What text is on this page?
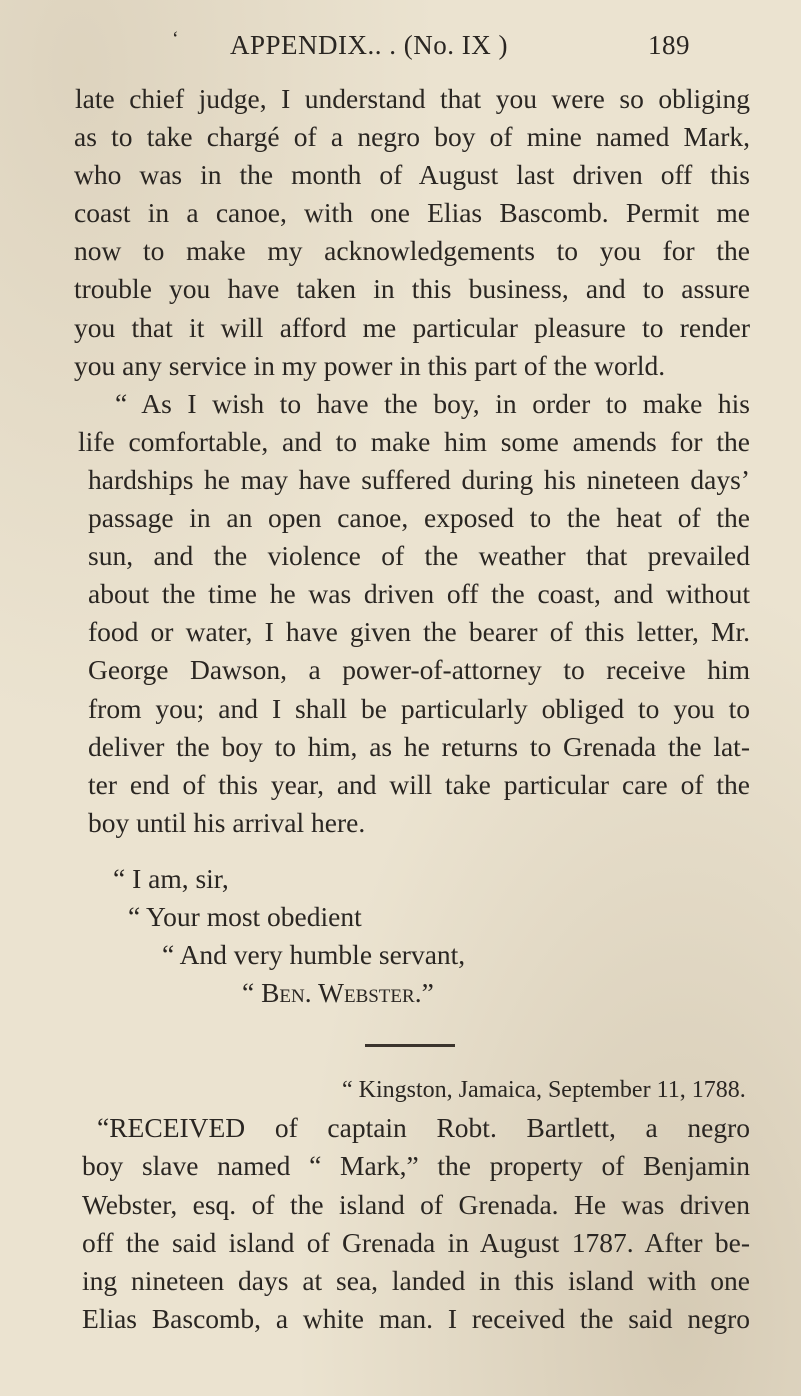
‘ APPENDIX.. . (No. IX )	189
late chief judge, I understand that you were so obliging
as to take chargé of a negro boy of mine named Mark,
who was in the month of August last driven off this
coast in a canoe, with one Elias Bascomb. Permit me
now to make my acknowledgements to you for the
trouble you have taken in this business, and to assure
you that it will afford me particular pleasure to render
you any service in my power in this part of the world.
“ As I wish to have the boy, in order to make his
life comfortable, and to make him some amends for the
hardships he may have suffered during his nineteen days’
passage in an open canoe, exposed to the heat of the
sun, and the violence of the weather that prevailed
about the time he was driven off the coast, and without
food or water, I have given the bearer of this letter, Mr.
George Dawson, a power-of-attorney to receive him
from you; and I shall be particularly obliged to you to
deliver the boy to him, as he returns to Grenada the lat-
ter end of this year, and will take particular care of the
boy until his arrival here.
“ I am, sir,
“ Your most obedient
“ And very humble servant,
“ Ben. Webster.”
“ Kingston, Jamaica, September 11, 1788.
“RECEIVED of captain Robt. Bartlett, a negro
boy slave named “ Mark,” the property of Benjamin
Webster, esq. of the island of Grenada. He was driven
off the said island of Grenada in August 1787. After be-
ing nineteen days at sea, landed in this island with one
Elias Bascomb, a white man. I received the said negro
